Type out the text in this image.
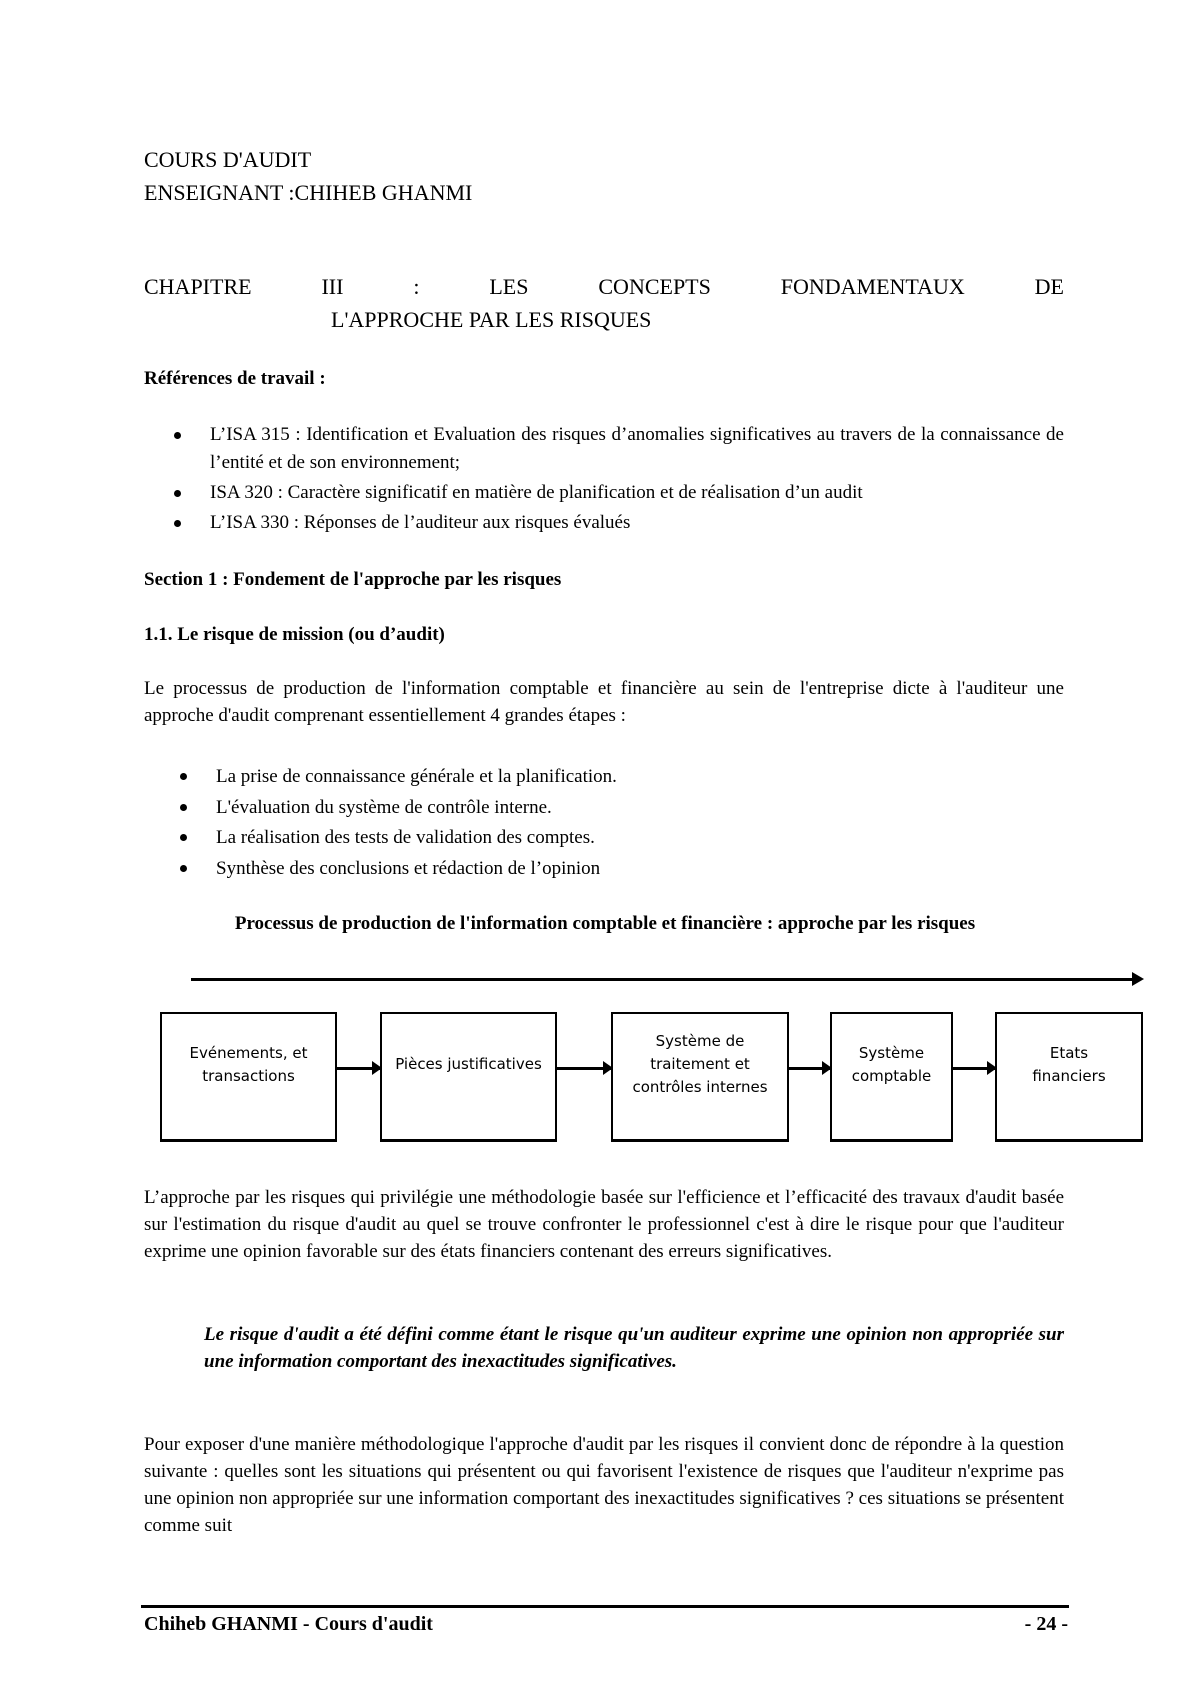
COURS D'AUDIT
ENSEIGNANT :CHIHEB GHANMI
CHAPITRE III : LES CONCEPTS FONDAMENTAUX DE
L'APPROCHE PAR LES RISQUES
Références de travail :
L’ISA 315 : Identification et Evaluation des risques d’anomalies significatives au travers de la connaissance de l’entité et de son environnement;
ISA 320 : Caractère significatif en matière de planification et de réalisation d’un audit
L’ISA 330 : Réponses de l’auditeur aux risques évalués
Section 1 : Fondement de l'approche par les risques
1.1. Le risque de mission (ou d’audit)
Le processus de production de l'information comptable et financière au sein de l'entreprise dicte à l'auditeur une approche d'audit comprenant essentiellement 4 grandes étapes :
La prise de connaissance générale et la planification.
L'évaluation du système de contrôle interne.
La réalisation des tests de validation des comptes.
Synthèse des conclusions et rédaction de l’opinion
Processus de production de l'information comptable et financière : approche par les risques
Evénements, et transactions
Pièces justificatives
Système de traitement et contrôles internes
Système comptable
Etats financiers
L’approche par les risques qui privilégie une méthodologie basée sur l'efficience et l’efficacité des travaux d'audit basée sur l'estimation du risque d'audit au quel se trouve confronter le professionnel c'est à dire le risque pour que l'auditeur exprime une opinion favorable sur des états financiers contenant des erreurs significatives.
Le risque d'audit a été défini comme étant le risque qu'un auditeur exprime une opinion non appropriée sur une information comportant des inexactitudes significatives.
Pour exposer d'une manière méthodologique l'approche d'audit par les risques il convient donc de répondre à la question suivante : quelles sont les situations qui présentent ou qui favorisent l'existence de risques que l'auditeur n'exprime pas une opinion non appropriée sur une information comportant des inexactitudes significatives ? ces situations se présentent comme suit
Chiheb GHANMI - Cours d'audit	- 24 -
